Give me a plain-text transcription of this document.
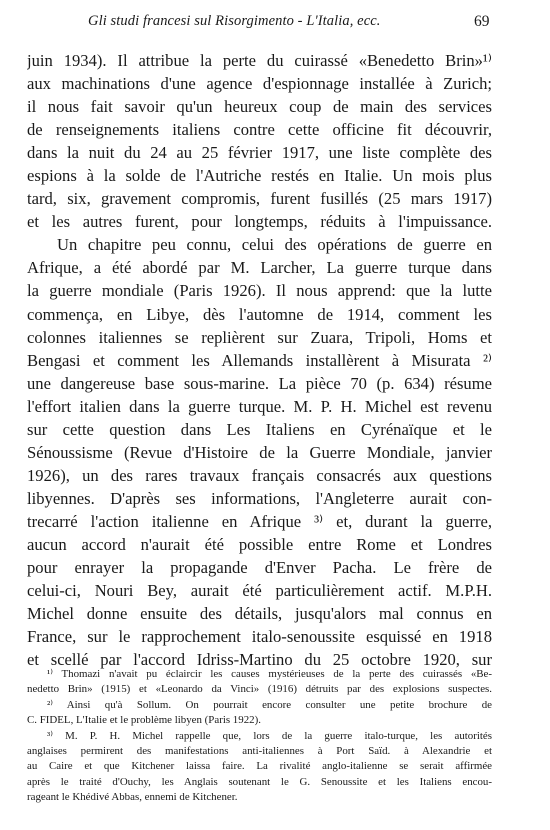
Gli studi francesi sul Risorgimento - L'Italia, ecc.	69
juin 1934). Il attribue la perte du cuirassé «Benedetto Brin»¹⁾
aux machinations d'une agence d'espionnage installée à Zurich;
il nous fait savoir qu'un heureux coup de main des services
de renseignements italiens contre cette officine fit découvrir,
dans la nuit du 24 au 25 février 1917, une liste complète des
espions à la solde de l'Autriche restés en Italie. Un mois plus
tard, six, gravement compromis, furent fusillés (25 mars 1917)
et les autres furent, pour longtemps, réduits à l'impuissance.
Un chapitre peu connu, celui des opérations de guerre en
Afrique, a été abordé par M. Larcher, La guerre turque dans
la guerre mondiale (Paris 1926). Il nous apprend: que la lutte
commença, en Libye, dès l'automne de 1914, comment les
colonnes italiennes se replièrent sur Zuara, Tripoli, Homs et
Bengasi et comment les Allemands installèrent à Misurata ²⁾
une dangereuse base sous-marine. La pièce 70 (p. 634) résume
l'effort italien dans la guerre turque. M. P. H. Michel est revenu
sur cette question dans Les Italiens en Cyrénaïque et le
Sénoussisme (Revue d'Histoire de la Guerre Mondiale, janvier
1926), un des rares travaux français consacrés aux questions
libyennes. D'après ses informations, l'Angleterre aurait con-
trecarré l'action italienne en Afrique ³⁾ et, durant la guerre,
aucun accord n'aurait été possible entre Rome et Londres
pour enrayer la propagande d'Enver Pacha. Le frère de
celui-ci, Nouri Bey, aurait été particulièrement actif. M.P.H.
Michel donne ensuite des détails, jusqu'alors mal connus en
France, sur le rapprochement italo-senoussite esquissé en 1918
et scellé par l'accord Idriss-Martino du 25 octobre 1920, sur
¹⁾ Thomazi n'avait pu éclaircir les causes mystérieuses de la perte des cuirassés «Be-
nedetto Brin» (1915) et «Leonardo da Vinci» (1916) détruits par des explosions suspectes.
²⁾ Ainsi qu'à Sollum. On pourrait encore consulter une petite brochure de
C. FIDEL, L'Italie et le problème libyen (Paris 1922).
³⁾ M. P. H. Michel rappelle que, lors de la guerre italo-turque, les autorités
anglaises permirent des manifestations anti-italiennes à Port Saïd. à Alexandrie et
au Caire et que Kitchener laissa faire. La rivalité anglo-italienne se serait affirmée
après le traité d'Ouchy, les Anglais soutenant le G. Senoussite et les Italiens encou-
rageant le Khédivé Abbas, ennemi de Kitchener.
